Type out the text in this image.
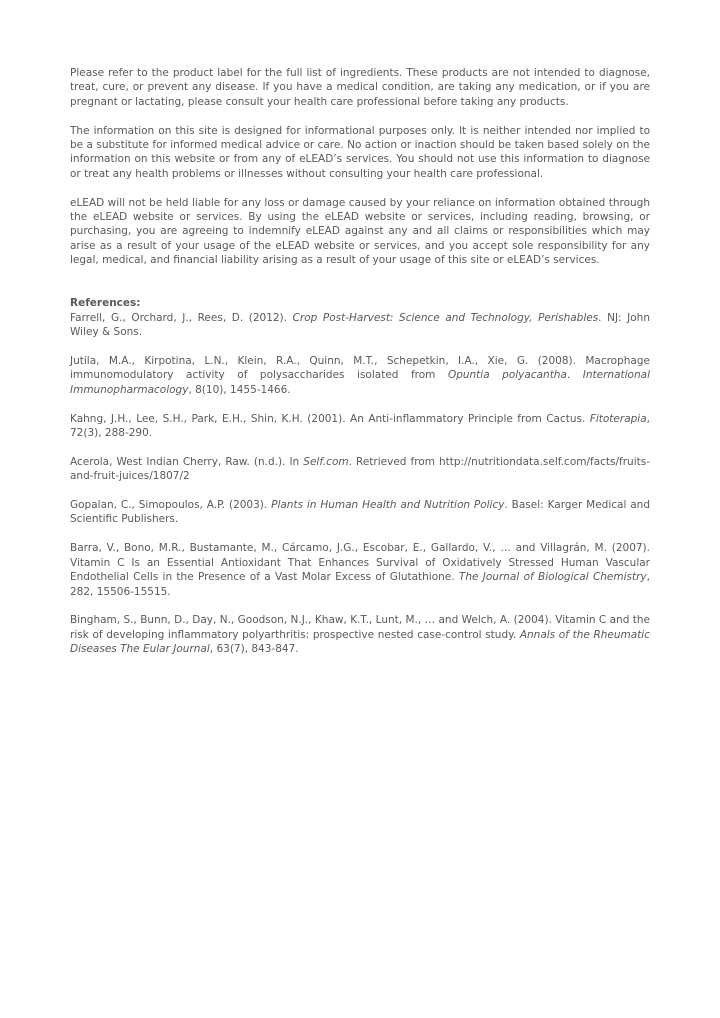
Please refer to the product label for the full list of ingredients. These products are not intended to diagnose, treat, cure, or prevent any disease. If you have a medical condition, are taking any medication, or if you are pregnant or lactating, please consult your health care professional before taking any products.

The information on this site is designed for informational purposes only. It is neither intended nor implied to be a substitute for informed medical advice or care. No action or inaction should be taken based solely on the information on this website or from any of eLEAD’s services. You should not use this information to diagnose or treat any health problems or illnesses without consulting your health care professional.

eLEAD will not be held liable for any loss or damage caused by your reliance on information obtained through the eLEAD website or services. By using the eLEAD website or services, including reading, browsing, or purchasing, you are agreeing to indemnify eLEAD against any and all claims or responsibilities which may arise as a result of your usage of the eLEAD website or services, and you accept sole responsibility for any legal, medical, and financial liability arising as a result of your usage of this site or eLEAD’s services.

References:

Farrell, G., Orchard, J., Rees, D. (2012). Crop Post-Harvest: Science and Technology, Perishables. NJ: John Wiley & Sons.

Jutila, M.A., Kirpotina, L.N., Klein, R.A., Quinn, M.T., Schepetkin, I.A., Xie, G. (2008). Macrophage immunomodulatory activity of polysaccharides isolated from Opuntia polyacantha. International Immunopharmacology, 8(10), 1455-1466.

Kahng, J.H., Lee, S.H., Park, E.H., Shin, K.H. (2001). An Anti-inflammatory Principle from Cactus. Fitoterapia, 72(3), 288-290.

Acerola, West Indian Cherry, Raw. (n.d.). In Self.com. Retrieved from http://nutritiondata.self.com/facts/fruits-and-fruit-juices/1807/2

Gopalan, C., Simopoulos, A.P. (2003). Plants in Human Health and Nutrition Policy. Basel: Karger Medical and Scientific Publishers.

Barra, V., Bono, M.R., Bustamante, M., Cárcamo, J.G., Escobar, E., Gallardo, V., … and Villagrán, M. (2007). Vitamin C Is an Essential Antioxidant That Enhances Survival of Oxidatively Stressed Human Vascular Endothelial Cells in the Presence of a Vast Molar Excess of Glutathione. The Journal of Biological Chemistry, 282, 15506-15515.

Bingham, S., Bunn, D., Day, N., Goodson, N.J., Khaw, K.T., Lunt, M., … and Welch, A. (2004). Vitamin C and the risk of developing inflammatory polyarthritis: prospective nested case-control study. Annals of the Rheumatic Diseases The Eular Journal, 63(7), 843-847.
